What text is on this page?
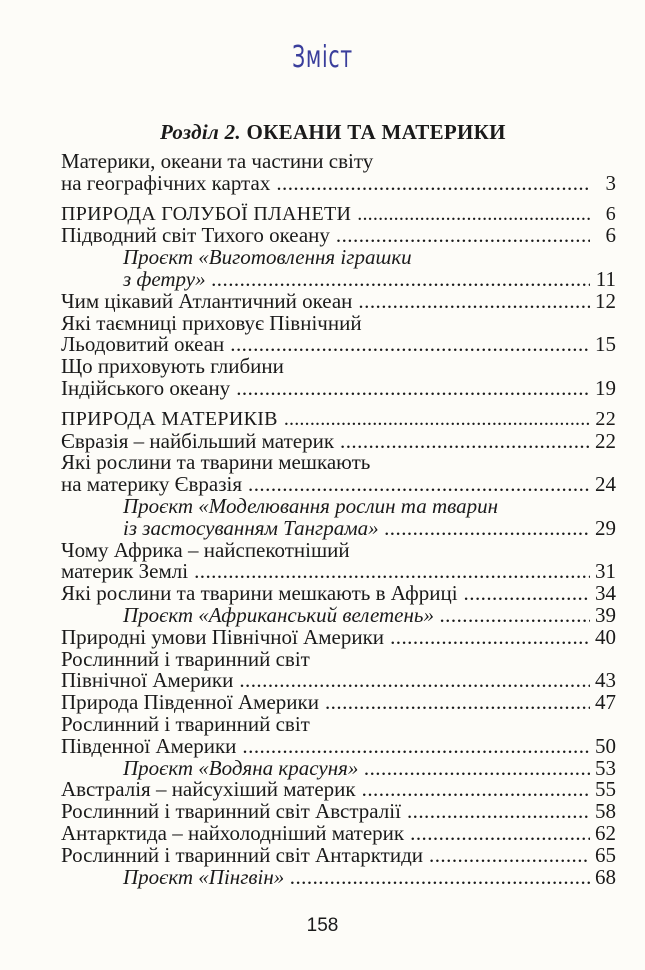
Зміст
Розділ 2. ОКЕАНИ ТА МАТЕРИКИ
Материки, океани та частини світу
на географічних картах . . .	3
ПРИРОДА ГОЛУБОЇ ПЛАНЕТИ . . .	6
Підводний світ Тихого океану . . .	6
Проєкт «Виготовлення іграшки
з фетру» . . .	11
Чим цікавий Атлантичний океан . . .	12
Які таємниці приховує Північний
Льодовитий океан . . .	15
Що приховують глибини
Індійського океану . . .	19
ПРИРОДА МАТЕРИКІВ . . .	22
Євразія – найбільший материк . . .	22
Які рослини та тварини мешкають
на материку Євразія . . .	24
Проєкт «Моделювання рослин та тварин
із застосуванням Танграма» . . .	29
Чому Африка – найспекотніший
материк Землі . . .	31
Які рослини та тварини мешкають в Африці . . .	34
Проєкт «Африканський велетень» . . .	39
Природні умови Північної Америки . . .	40
Рослинний і тваринний світ
Північної Америки . . .	43
Природа Південної Америки . . .	47
Рослинний і тваринний світ
Південної Америки . . .	50
Проєкт «Водяна красуня» . . .	53
Австралія – найсухіший материк . . .	55
Рослинний і тваринний світ Австралії . . .	58
Антарктида – найхолодніший материк . . .	62
Рослинний і тваринний світ Антарктиди . . .	65
Проєкт «Пінгвін» . . .	68
158
